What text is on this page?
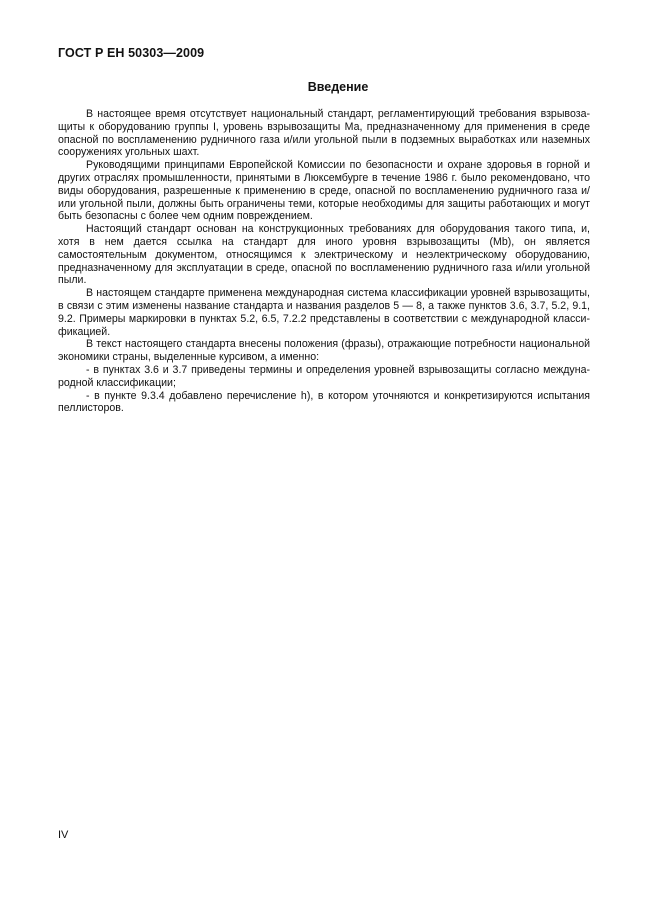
ГОСТ Р ЕН 50303—2009
Введение

В настоящее время отсутствует национальный стандарт, регламентирующий требования взрывоза-щиты к оборудованию группы I, уровень взрывозащиты Ма, предназначенному для применения в среде опасной по воспламенению рудничного газа и/или угольной пыли в подземных выработках или наземных сооружениях угольных шахт.

Руководящими принципами Европейской Комиссии по безопасности и охране здоровья в горной и других отраслях промышленности, принятыми в Люксембурге в течение 1986 г. было рекомендовано, что виды оборудования, разрешенные к применению в среде, опасной по воспламенению рудничного газа и/или угольной пыли, должны быть ограничены теми, которые необходимы для защиты работающих и могут быть безопасны с более чем одним повреждением.

Настоящий стандарт основан на конструкционных требованиях для оборудования такого типа, и, хотя в нем дается ссылка на стандарт для иного уровня взрывозащиты (Mb), он является самостоятельным документом, относящимся к электрическому и неэлектрическому оборудованию, предназначенному для эксплуатации в среде, опасной по воспламенению рудничного газа и/или угольной пыли.

В настоящем стандарте применена международная система классификации уровней взрывозащиты, в связи с этим изменены название стандарта и названия разделов 5 — 8, а также пунктов 3.6, 3.7, 5.2, 9.1, 9.2. Примеры маркировки в пунктах 5.2, 6.5, 7.2.2 представлены в соответствии с международной класси-фикацией.

В текст настоящего стандарта внесены положения (фразы), отражающие потребности национальной экономики страны, выделенные курсивом, а именно:

- в пунктах 3.6 и 3.7 приведены термины и определения уровней взрывозащиты согласно междуна-родной классификации;

- в пункте 9.3.4 добавлено перечисление h), в котором уточняются и конкретизируются испытания пеллисторов.

IV
